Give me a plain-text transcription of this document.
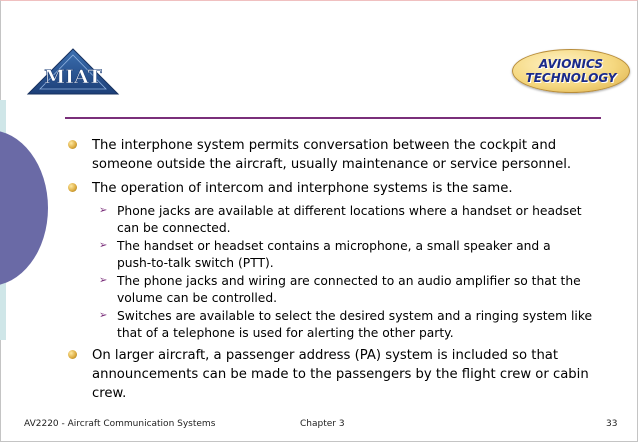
MIAT
AVIONICS
TECHNOLOGY
The interphone system permits conversation between the cockpit and someone outside the aircraft, usually maintenance or service personnel.
The operation of intercom and interphone systems is the same.
➢ Phone jacks are available at different locations where a handset or headset can be connected.
➢ The handset or headset contains a microphone, a small speaker and a push‑to‑talk switch (PTT).
➢ The phone jacks and wiring are connected to an audio amplifier so that the volume can be controlled.
➢ Switches are available to select the desired system and a ringing system like that of a telephone is used for alerting the other party.
On larger aircraft, a passenger address (PA) system is included so that announcements can be made to the passengers by the flight crew or cabin crew.
AV2220 - Aircraft Communication Systems	Chapter 3	33
